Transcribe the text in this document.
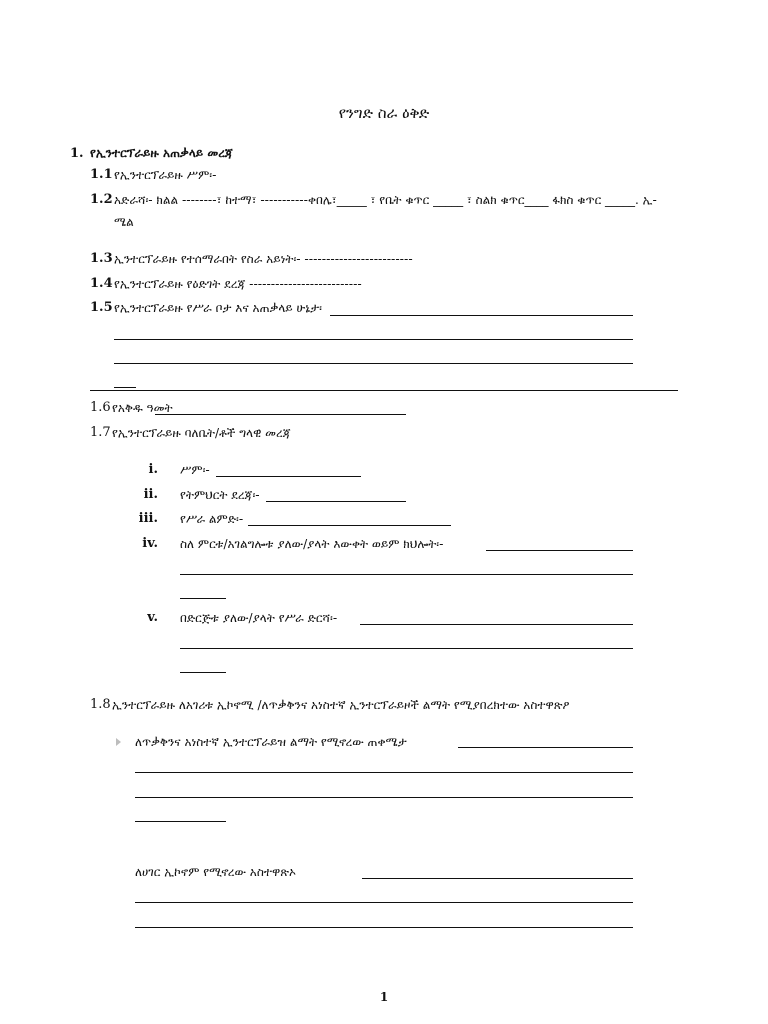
የንግድ ስራ ዕቅድ
1. የኢንተርፕራይዙ አጠቃላይ መረጃ
1.1 የኢንተርፕራይዙ ሥም፡-
1.2 አድራሻ፡- ክልል --------፣ ከተማ፣ -----------ቀበሌ፣_____ ፣ የቤት ቁጥር _____ ፣ ስልክ ቁጥር____ ፋክስ ቁጥር _____. ኢ-
ሜል
1.3 ኢንተርፕራይዙ የተሰማራበት የስራ አይነት፡- -------------------------
1.4 የኢንተርፕራይዙ የዕድገት ደረጃ --------------------------
1.5 የኢንተርፕራይዙ የሥራ ቦታ እና አጠቃላይ ሁኔታ፡
1.6 የአቅዱ ዓመት
1.7 የኢንተርፕራይዙ ባለቤት/ቶች ግላዊ መረጃ
i. ሥም፡-
ii. የትምህርት ደረጃ፡-
iii. የሥራ ልምድ፡-
iv. ስለ ምርቱ/አገልግሎቱ ያለው/ያላት እውቀት ወይም ክህሎት፡-
v. በድርጅቱ ያለው/ያላት የሥራ ድርሻ፡-
1.8 ኢንተርፕራይዙ ለአገሪቱ ኢኮኖሚ /ለጥቃቅንና አነስተኛ ኢንተርፕራይዞች ልማት የሚያበረክተው አስተዋጽዖ
ለጥቃቅንና አነስተኛ ኢንተርፕራይዝ ልማት የሚኖረው ጠቀሜታ
ለሀገር ኢኮኖም የሚኖረው አስተዋጽኦ
1
